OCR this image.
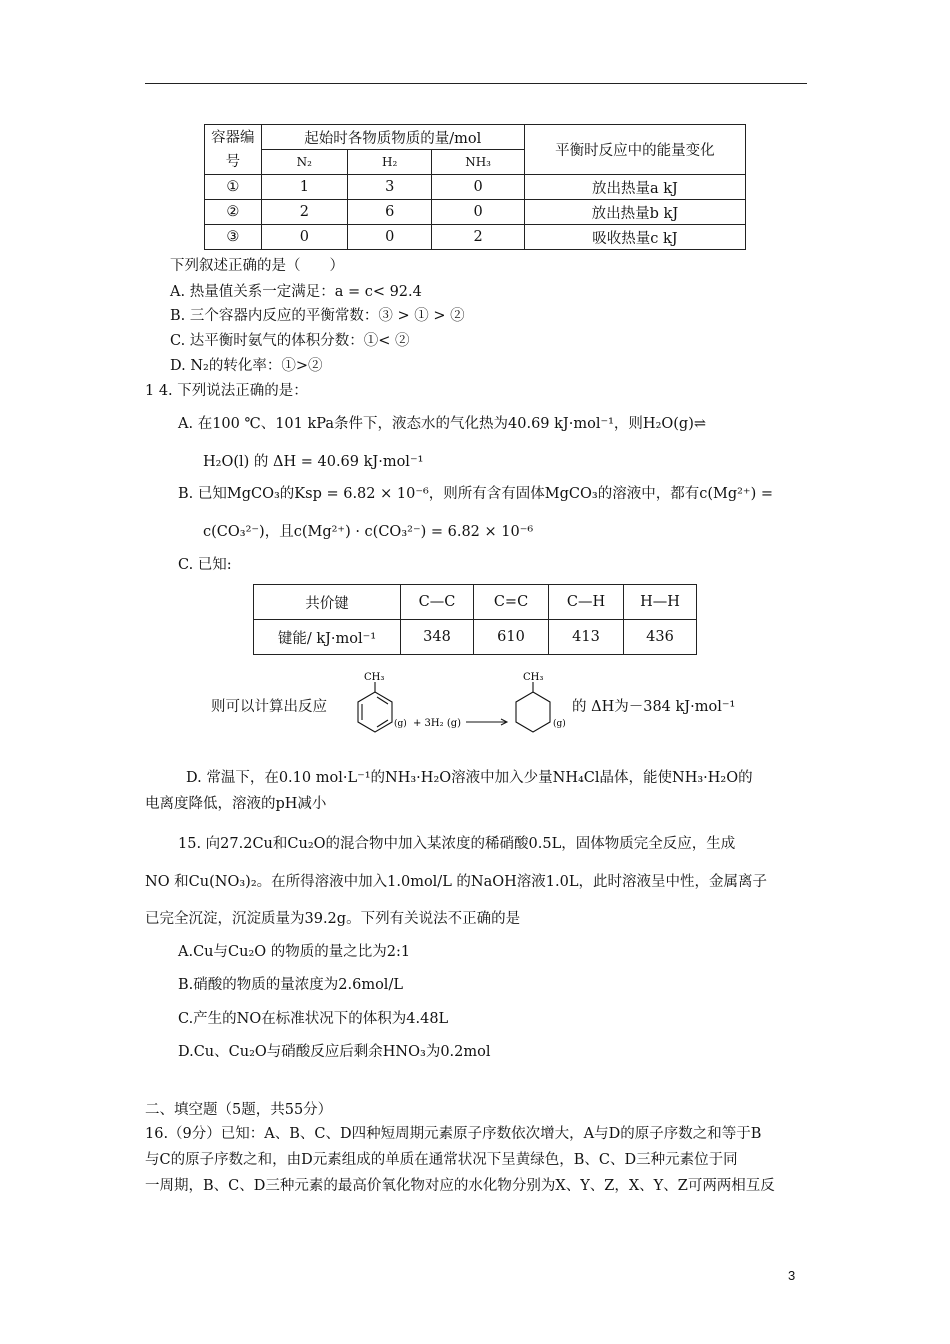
容器编号	起始时各物质物质的量/mol			平衡时反应中的能量变化
	N₂	H₂	NH₃	
①	1	3	0	放出热量a kJ
②	2	6	0	放出热量b kJ
③	0	0	2	吸收热量c kJ
下列叙述正确的是（　　）
A. 热量值关系一定满足：a = c< 92.4
B. 三个容器内反应的平衡常数：③ > ① > ②
C. 达平衡时氨气的体积分数：①< ②
D. N₂的转化率：①>②
1 4. 下列说法正确的是：
A. 在100 ℃、101 kPa条件下，液态水的气化热为40.69 kJ·mol⁻¹，则H₂O(g)⇌
H₂O(l) 的 ΔH = 40.69 kJ·mol⁻¹
B. 已知MgCO₃的Ksp = 6.82 × 10⁻⁶，则所有含有固体MgCO₃的溶液中，都有c(Mg²⁺) =
c(CO₃²⁻)，且c(Mg²⁺) · c(CO₃²⁻) = 6.82 × 10⁻⁶
C. 已知:
共价键	C—C	C=C	C—H	H—H
键能/ kJ·mol⁻¹	348	610	413	436
则可以计算出反应
CH₃
(g) + 3H₂ (g)
CH₃
(g)
的 ΔH为－384 kJ·mol⁻¹
D. 常温下，在0.10 mol·L⁻¹的NH₃·H₂O溶液中加入少量NH₄Cl晶体，能使NH₃·H₂O的
电离度降低，溶液的pH减小
15. 向27.2Cu和Cu₂O的混合物中加入某浓度的稀硝酸0.5L，固体物质完全反应，生成
NO 和Cu(NO₃)₂。在所得溶液中加入1.0mol/L 的NaOH溶液1.0L，此时溶液呈中性，金属离子
已完全沉淀，沉淀质量为39.2g。下列有关说法不正确的是
A.Cu与Cu₂O 的物质的量之比为2:1
B.硝酸的物质的量浓度为2.6mol/L
C.产生的NO在标准状况下的体积为4.48L
D.Cu、Cu₂O与硝酸反应后剩余HNO₃为0.2mol
二、填空题（5题，共55分）
16.（9分）已知：A、B、C、D四种短周期元素原子序数依次增大，A与D的原子序数之和等于B
与C的原子序数之和，由D元素组成的单质在通常状况下呈黄绿色，B、C、D三种元素位于同
一周期，B、C、D三种元素的最高价氧化物对应的水化物分别为X、Y、Z，X、Y、Z可两两相互反
3
